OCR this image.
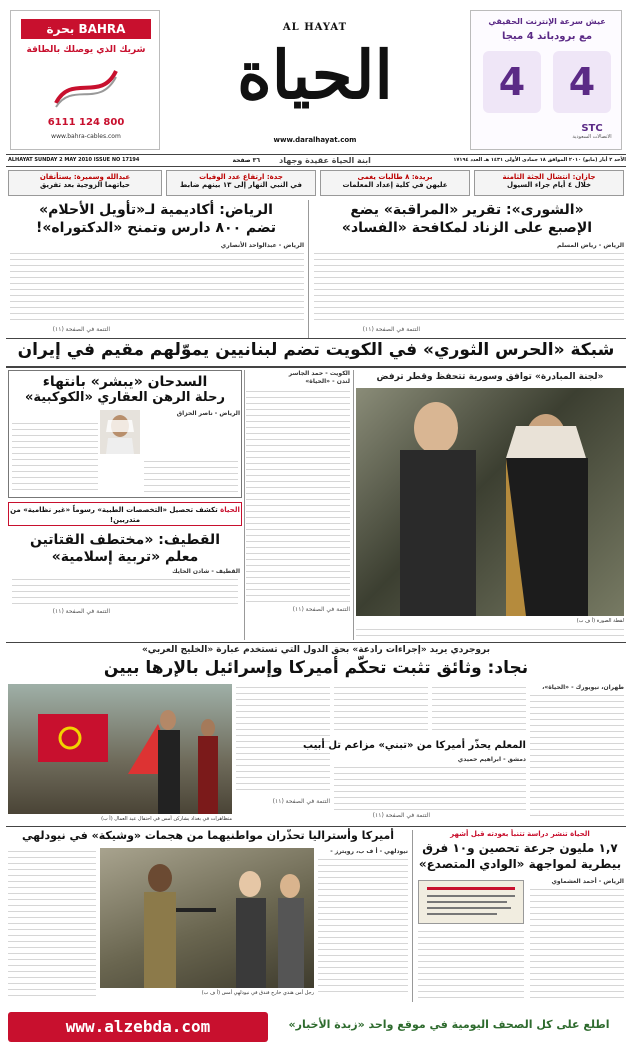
BAHRA بحرة
شريك الذي يوصلك بالطاقة
800 124 6111
www.bahra-cables.com
AL HAYAT
الحياة
www.daralhayat.com
عيش سرعة الإنترنت الحقيقي
مع برودباند 4 ميجا
4	4
STC
الاتصالات السعودية
الأحد ٢ أيار (مايو) ٢٠١٠ الموافق ١٨ جمادى الأولى ١٤٣١ هـ العدد ١٧١٩٤
ابنة الحياة عقيدة وجهاد
٣٦ صفحة
ALHAYAT SUNDAY 2 MAY 2010 ISSUE NO 17194
جازان: انتشال الجثة الثامنة
خلال ٤ أيام جراء السيول
بريدة: ٨ طالبات يغمى
عليهن في كلية إعداد المعلمات
جدة: ارتفاع عدد الوفيات
في النبي النهار إلى ١٣ بينهم ضابط
عبدالله وسميرة: يستأنفان
حياتهما الزوجية بعد تفريق
«الشورى»: تقرير «المراقبة» يضع
الإصبع على الزناد لمكافحة «الفساد»
الرياض - رياض المسلم
التتمة في الصفحة (١١)
الرياض: أكاديمية لـ«تأويل الأحلام»
تضم ٨٠٠ دارس وتمنح «الدكتوراه»!
الرياض - عبدالواحد الأنصاري
التتمة في الصفحة (١١)
شبكة «الحرس الثوري» في الكويت تضم لبنانيين يموّلهم مقيم في إيران
الكويت - حمد الجاسر
لندن - «الحياة»
التتمة في الصفحة (١١)
«لجنة المبادرة» توافق وسورية تتحفظ وقطر ترفض
لقطة الصورة (أ ف ب)
السدحان «يبشر» بانتهاء
رحلة الرهن العقاري «الكوكبية»
الرياض - ناصر الحزاق
الحياة تكشف تحصيل «التخصصات الطبية» رسوماً «غير نظامية» من متدربين!
القطيف: «مختطف القتاتين
معلم «تربية إسلامية»
القطيف - شادن الحايك
التتمة في الصفحة (١١)
بروجردي يريد «إجراءات رادعة» بحق الدول التي تستخدم عبارة «الخليج العربي»
نجاد: وثائق تثبت تحكّم أميركا وإسرائيل بالإرها بيين
طهران، نيويورك - «الحياة»،
التتمة في الصفحة (١١)
المعلم يحذّر أميركا من «تبني» مزاعم تل أبيب
دمشق - ابراهيم حميدي
التتمة في الصفحة (١١)
متظاهرات في بغداد يشاركن أمس في احتفال عيد العمال (أ ب)
أميركا وأستراليا تحذّران مواطنيهما من هجمات «وشيكة» في نيودلهي
نيودلهي - أ ف ب، رويترز -
رجل أمن هندي خارج فندق في نيودلهي أمس (أ ف ب)
الحياة تنشر دراسة تتنبأ بعودته قبل أشهر
١,٧ مليون جرعة تحصين و١٠ فرق
بيطرية لمواجهة «الوادي المتصدع»
الرياض - أحمد العشماوي
www.alzebda.com	اطلع على كل الصحف اليومية في موقع واحد «زبدة الأخبار»
